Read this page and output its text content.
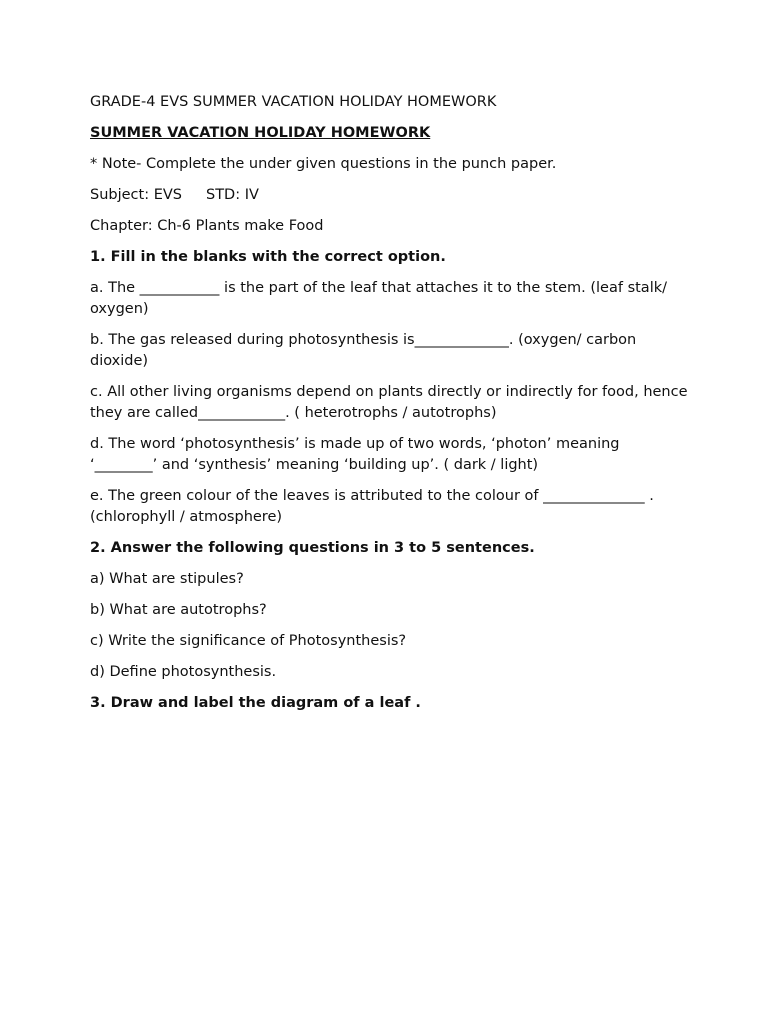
GRADE-4 EVS SUMMER VACATION HOLIDAY HOMEWORK

SUMMER VACATION HOLIDAY HOMEWORK

* Note- Complete the under given questions in the punch paper.

Subject: EVS STD: IV

Chapter: Ch-6 Plants make Food

1. Fill in the blanks with the correct option.

a. The ___________ is the part of the leaf that attaches it to the stem. (leaf stalk/ oxygen)

b. The gas released during photosynthesis is_____________. (oxygen/ carbon dioxide)

c. All other living organisms depend on plants directly or indirectly for food, hence they are called____________. ( heterotrophs / autotrophs)

d. The word ‘photosynthesis’ is made up of two words, ‘photon’ meaning ‘________’ and ‘synthesis’ meaning ‘building up’. ( dark / light)

e. The green colour of the leaves is attributed to the colour of ______________ . (chlorophyll / atmosphere)

2. Answer the following questions in 3 to 5 sentences.

a) What are stipules?

b) What are autotrophs?

c) Write the significance of Photosynthesis?

d) Define photosynthesis.

3. Draw and label the diagram of a leaf .
